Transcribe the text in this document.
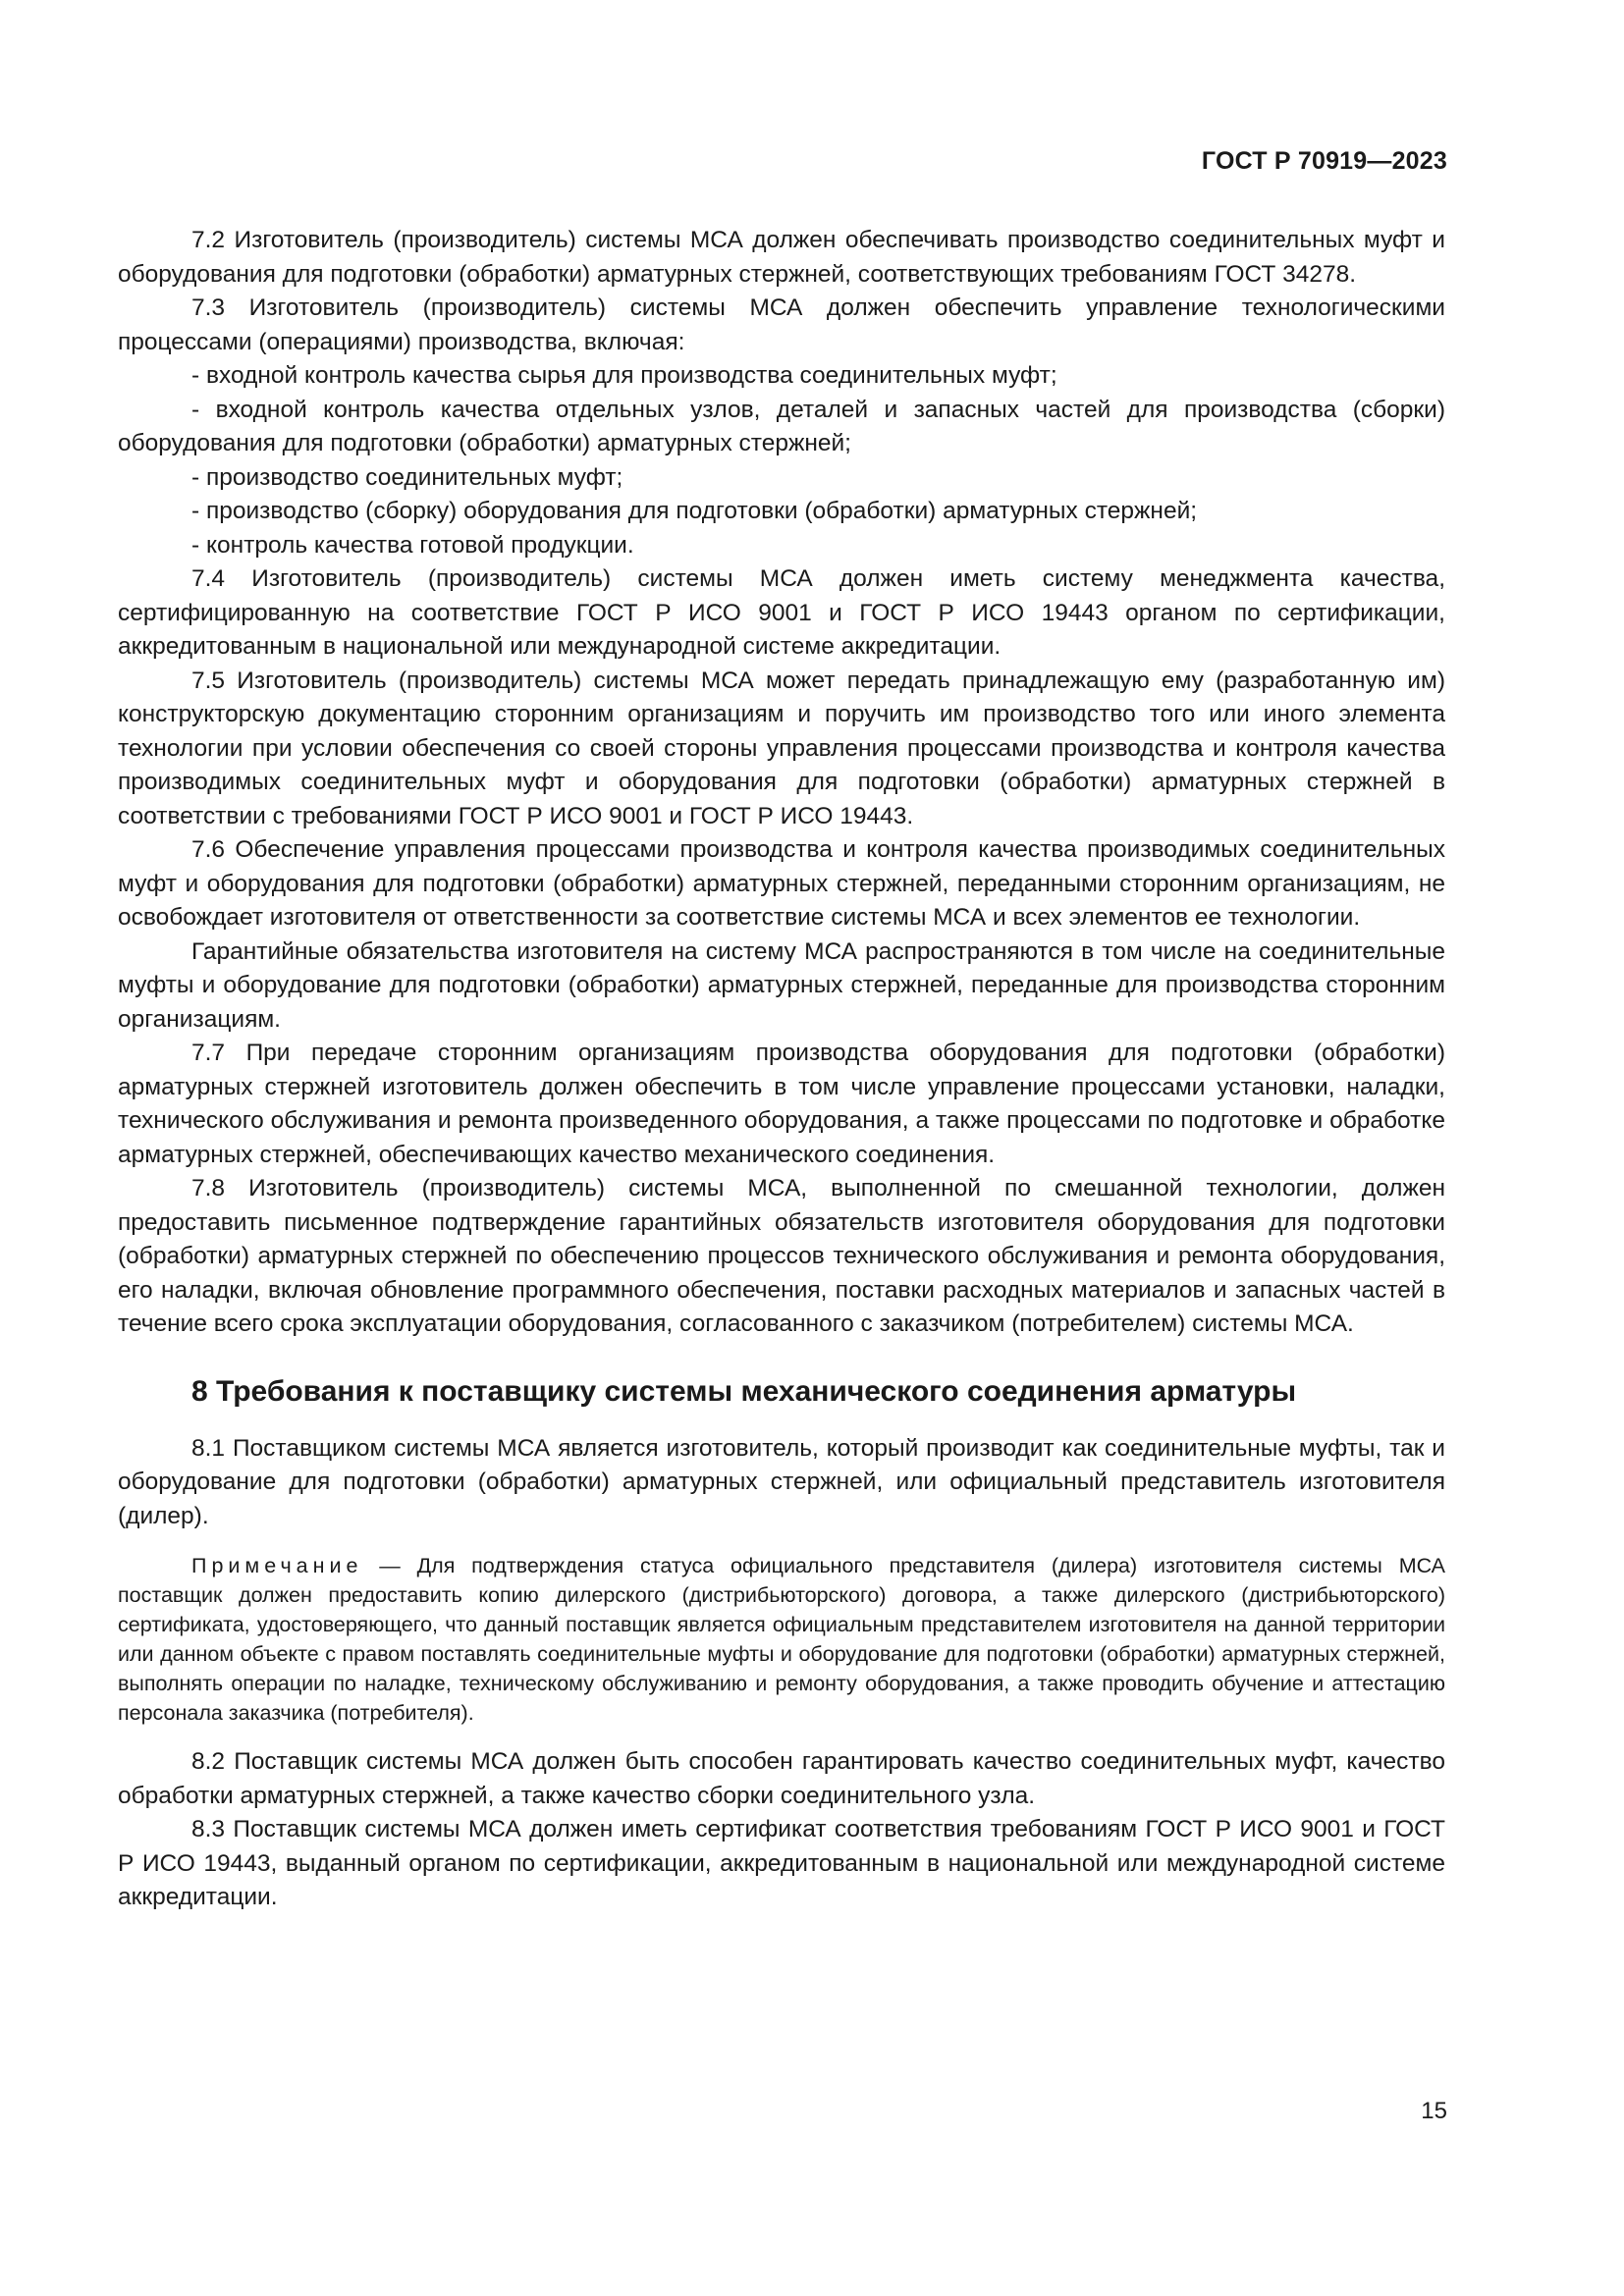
ГОСТ Р 70919—2023

7.2 Изготовитель (производитель) системы МСА должен обеспечивать производство соединительных муфт и оборудования для подготовки (обработки) арматурных стержней, соответствующих требованиям ГОСТ 34278.

7.3 Изготовитель (производитель) системы МСА должен обеспечить управление технологическими процессами (операциями) производства, включая:

- входной контроль качества сырья для производства соединительных муфт;

- входной контроль качества отдельных узлов, деталей и запасных частей для производства (сборки) оборудования для подготовки (обработки) арматурных стержней;

- производство соединительных муфт;

- производство (сборку) оборудования для подготовки (обработки) арматурных стержней;

- контроль качества готовой продукции.

7.4 Изготовитель (производитель) системы МСА должен иметь систему менеджмента качества, сертифицированную на соответствие ГОСТ Р ИСО 9001 и ГОСТ Р ИСО 19443 органом по сертификации, аккредитованным в национальной или международной системе аккредитации.

7.5 Изготовитель (производитель) системы МСА может передать принадлежащую ему (разработанную им) конструкторскую документацию сторонним организациям и поручить им производство того или иного элемента технологии при условии обеспечения со своей стороны управления процессами производства и контроля качества производимых соединительных муфт и оборудования для подготовки (обработки) арматурных стержней в соответствии с требованиями ГОСТ Р ИСО 9001 и ГОСТ Р ИСО 19443.

7.6 Обеспечение управления процессами производства и контроля качества производимых соединительных муфт и оборудования для подготовки (обработки) арматурных стержней, переданными сторонним организациям, не освобождает изготовителя от ответственности за соответствие системы МСА и всех элементов ее технологии.

Гарантийные обязательства изготовителя на систему МСА распространяются в том числе на соединительные муфты и оборудование для подготовки (обработки) арматурных стержней, переданные для производства сторонним организациям.

7.7 При передаче сторонним организациям производства оборудования для подготовки (обработки) арматурных стержней изготовитель должен обеспечить в том числе управление процессами установки, наладки, технического обслуживания и ремонта произведенного оборудования, а также процессами по подготовке и обработке арматурных стержней, обеспечивающих качество механического соединения.

7.8 Изготовитель (производитель) системы МСА, выполненной по смешанной технологии, должен предоставить письменное подтверждение гарантийных обязательств изготовителя оборудования для подготовки (обработки) арматурных стержней по обеспечению процессов технического обслуживания и ремонта оборудования, его наладки, включая обновление программного обеспечения, поставки расходных материалов и запасных частей в течение всего срока эксплуатации оборудования, согласованного с заказчиком (потребителем) системы МСА.

8 Требования к поставщику системы механического соединения арматуры

8.1 Поставщиком системы МСА является изготовитель, который производит как соединительные муфты, так и оборудование для подготовки (обработки) арматурных стержней, или официальный представитель изготовителя (дилер).

Примечание — Для подтверждения статуса официального представителя (дилера) изготовителя системы МСА поставщик должен предоставить копию дилерского (дистрибьюторского) договора, а также дилерского (дистрибьюторского) сертификата, удостоверяющего, что данный поставщик является официальным представителем изготовителя на данной территории или данном объекте с правом поставлять соединительные муфты и оборудование для подготовки (обработки) арматурных стержней, выполнять операции по наладке, техническому обслуживанию и ремонту оборудования, а также проводить обучение и аттестацию персонала заказчика (потребителя).

8.2 Поставщик системы МСА должен быть способен гарантировать качество соединительных муфт, качество обработки арматурных стержней, а также качество сборки соединительного узла.

8.3 Поставщик системы МСА должен иметь сертификат соответствия требованиям ГОСТ Р ИСО 9001 и ГОСТ Р ИСО 19443, выданный органом по сертификации, аккредитованным в национальной или международной системе аккредитации.

15
